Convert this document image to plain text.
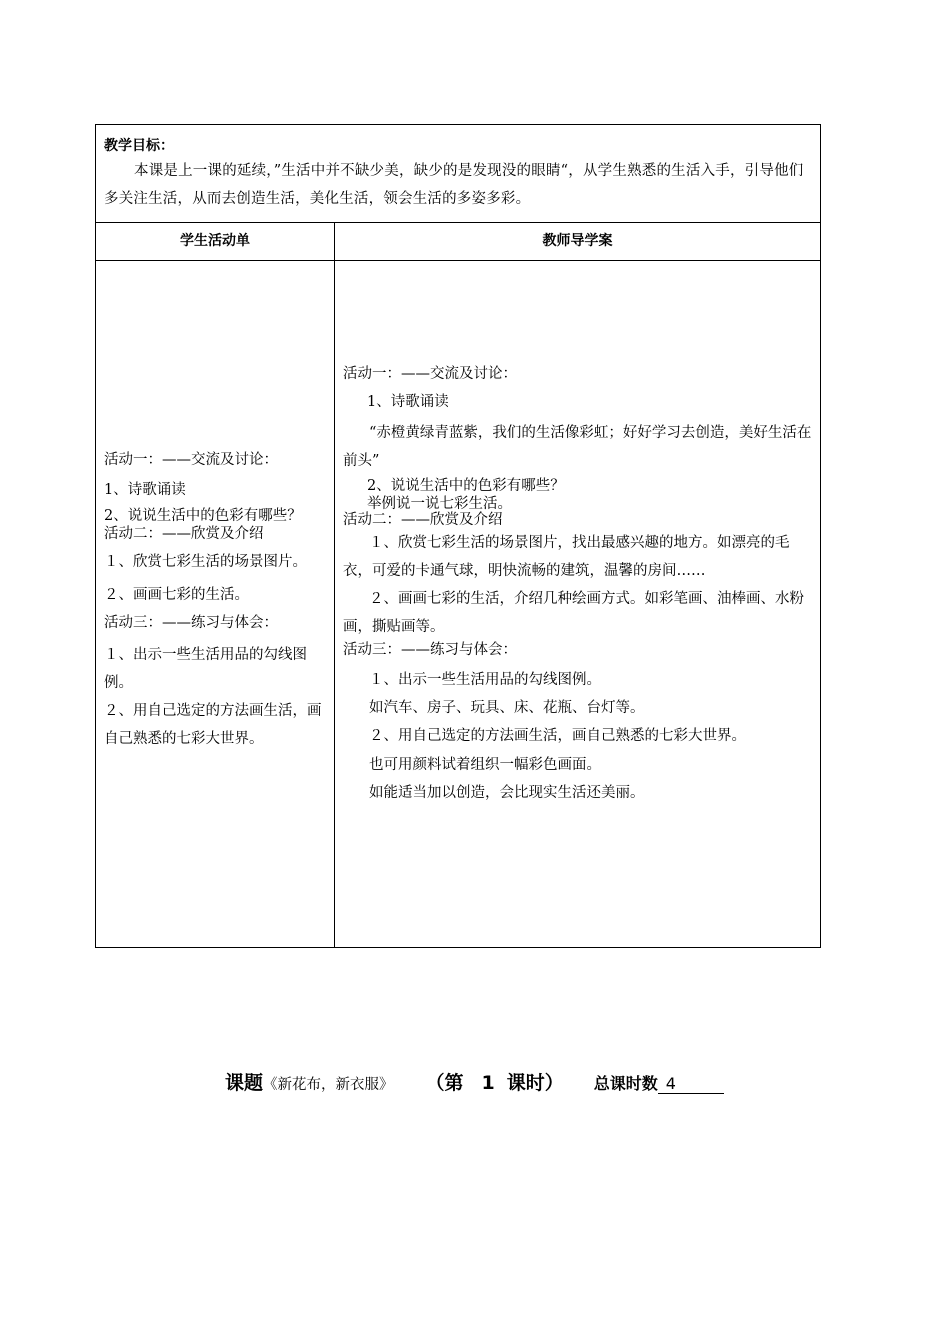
教学目标：
本课是上一课的延续，”生活中并不缺少美，缺少的是发现没的眼睛“，从学生熟悉的生活入手，引导他们多关注生活，从而去创造生活，美化生活，领会生活的多姿多彩。
学生活动单	教师导学案
活动一：——交流及讨论：
1、诗歌诵读
2、说说生活中的色彩有哪些？
活动二：——欣赏及介绍
１、欣赏七彩生活的场景图片。
２、画画七彩的生活。
活动三：——练习与体会：
１、出示一些生活用品的勾线图例。
２、用自己选定的方法画生活，画自己熟悉的七彩大世界。
活动一：——交流及讨论：
1、诗歌诵读
“赤橙黄绿青蓝紫，我们的生活像彩虹；好好学习去创造，美好生活在前头”
2、说说生活中的色彩有哪些？
举例说一说七彩生活。
活动二：——欣赏及介绍
１、欣赏七彩生活的场景图片，找出最感兴趣的地方。如漂亮的毛衣，可爱的卡通气球，明快流畅的建筑，温馨的房间……
２、画画七彩的生活，介绍几种绘画方式。如彩笔画、油棒画、水粉画，撕贴画等。
活动三：——练习与体会：
１、出示一些生活用品的勾线图例。
如汽车、房子、玩具、床、花瓶、台灯等。
２、用自己选定的方法画生活，画自己熟悉的七彩大世界。
也可用颜料试着组织一幅彩色画面。
如能适当加以创造，会比现实生活还美丽。
课题《新花布，新衣服》 （第 1 课时） 总课时数 4
